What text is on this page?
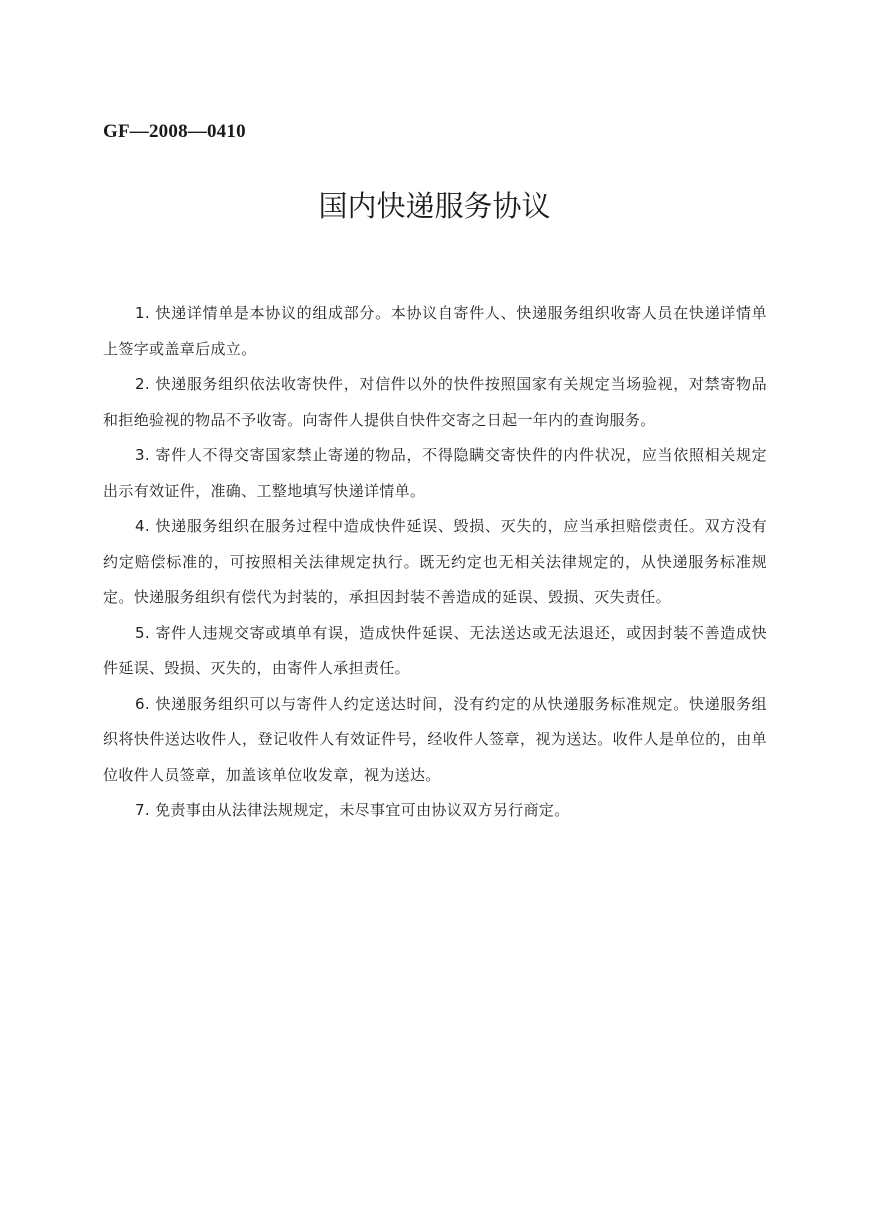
GF—2008—0410
国内快递服务协议

1. 快递详情单是本协议的组成部分。本协议自寄件人、快递服务组织收寄人员在快递详情单上签字或盖章后成立。

2. 快递服务组织依法收寄快件，对信件以外的快件按照国家有关规定当场验视，对禁寄物品和拒绝验视的物品不予收寄。向寄件人提供自快件交寄之日起一年内的查询服务。

3. 寄件人不得交寄国家禁止寄递的物品，不得隐瞒交寄快件的内件状况，应当依照相关规定出示有效证件，准确、工整地填写快递详情单。

4. 快递服务组织在服务过程中造成快件延误、毁损、灭失的，应当承担赔偿责任。双方没有约定赔偿标准的，可按照相关法律规定执行。既无约定也无相关法律规定的，从快递服务标准规定。快递服务组织有偿代为封装的，承担因封装不善造成的延误、毁损、灭失责任。

5. 寄件人违规交寄或填单有误，造成快件延误、无法送达或无法退还，或因封装不善造成快件延误、毁损、灭失的，由寄件人承担责任。

6. 快递服务组织可以与寄件人约定送达时间，没有约定的从快递服务标准规定。快递服务组织将快件送达收件人，登记收件人有效证件号，经收件人签章，视为送达。收件人是单位的，由单位收件人员签章，加盖该单位收发章，视为送达。

7. 免责事由从法律法规规定，未尽事宜可由协议双方另行商定。
